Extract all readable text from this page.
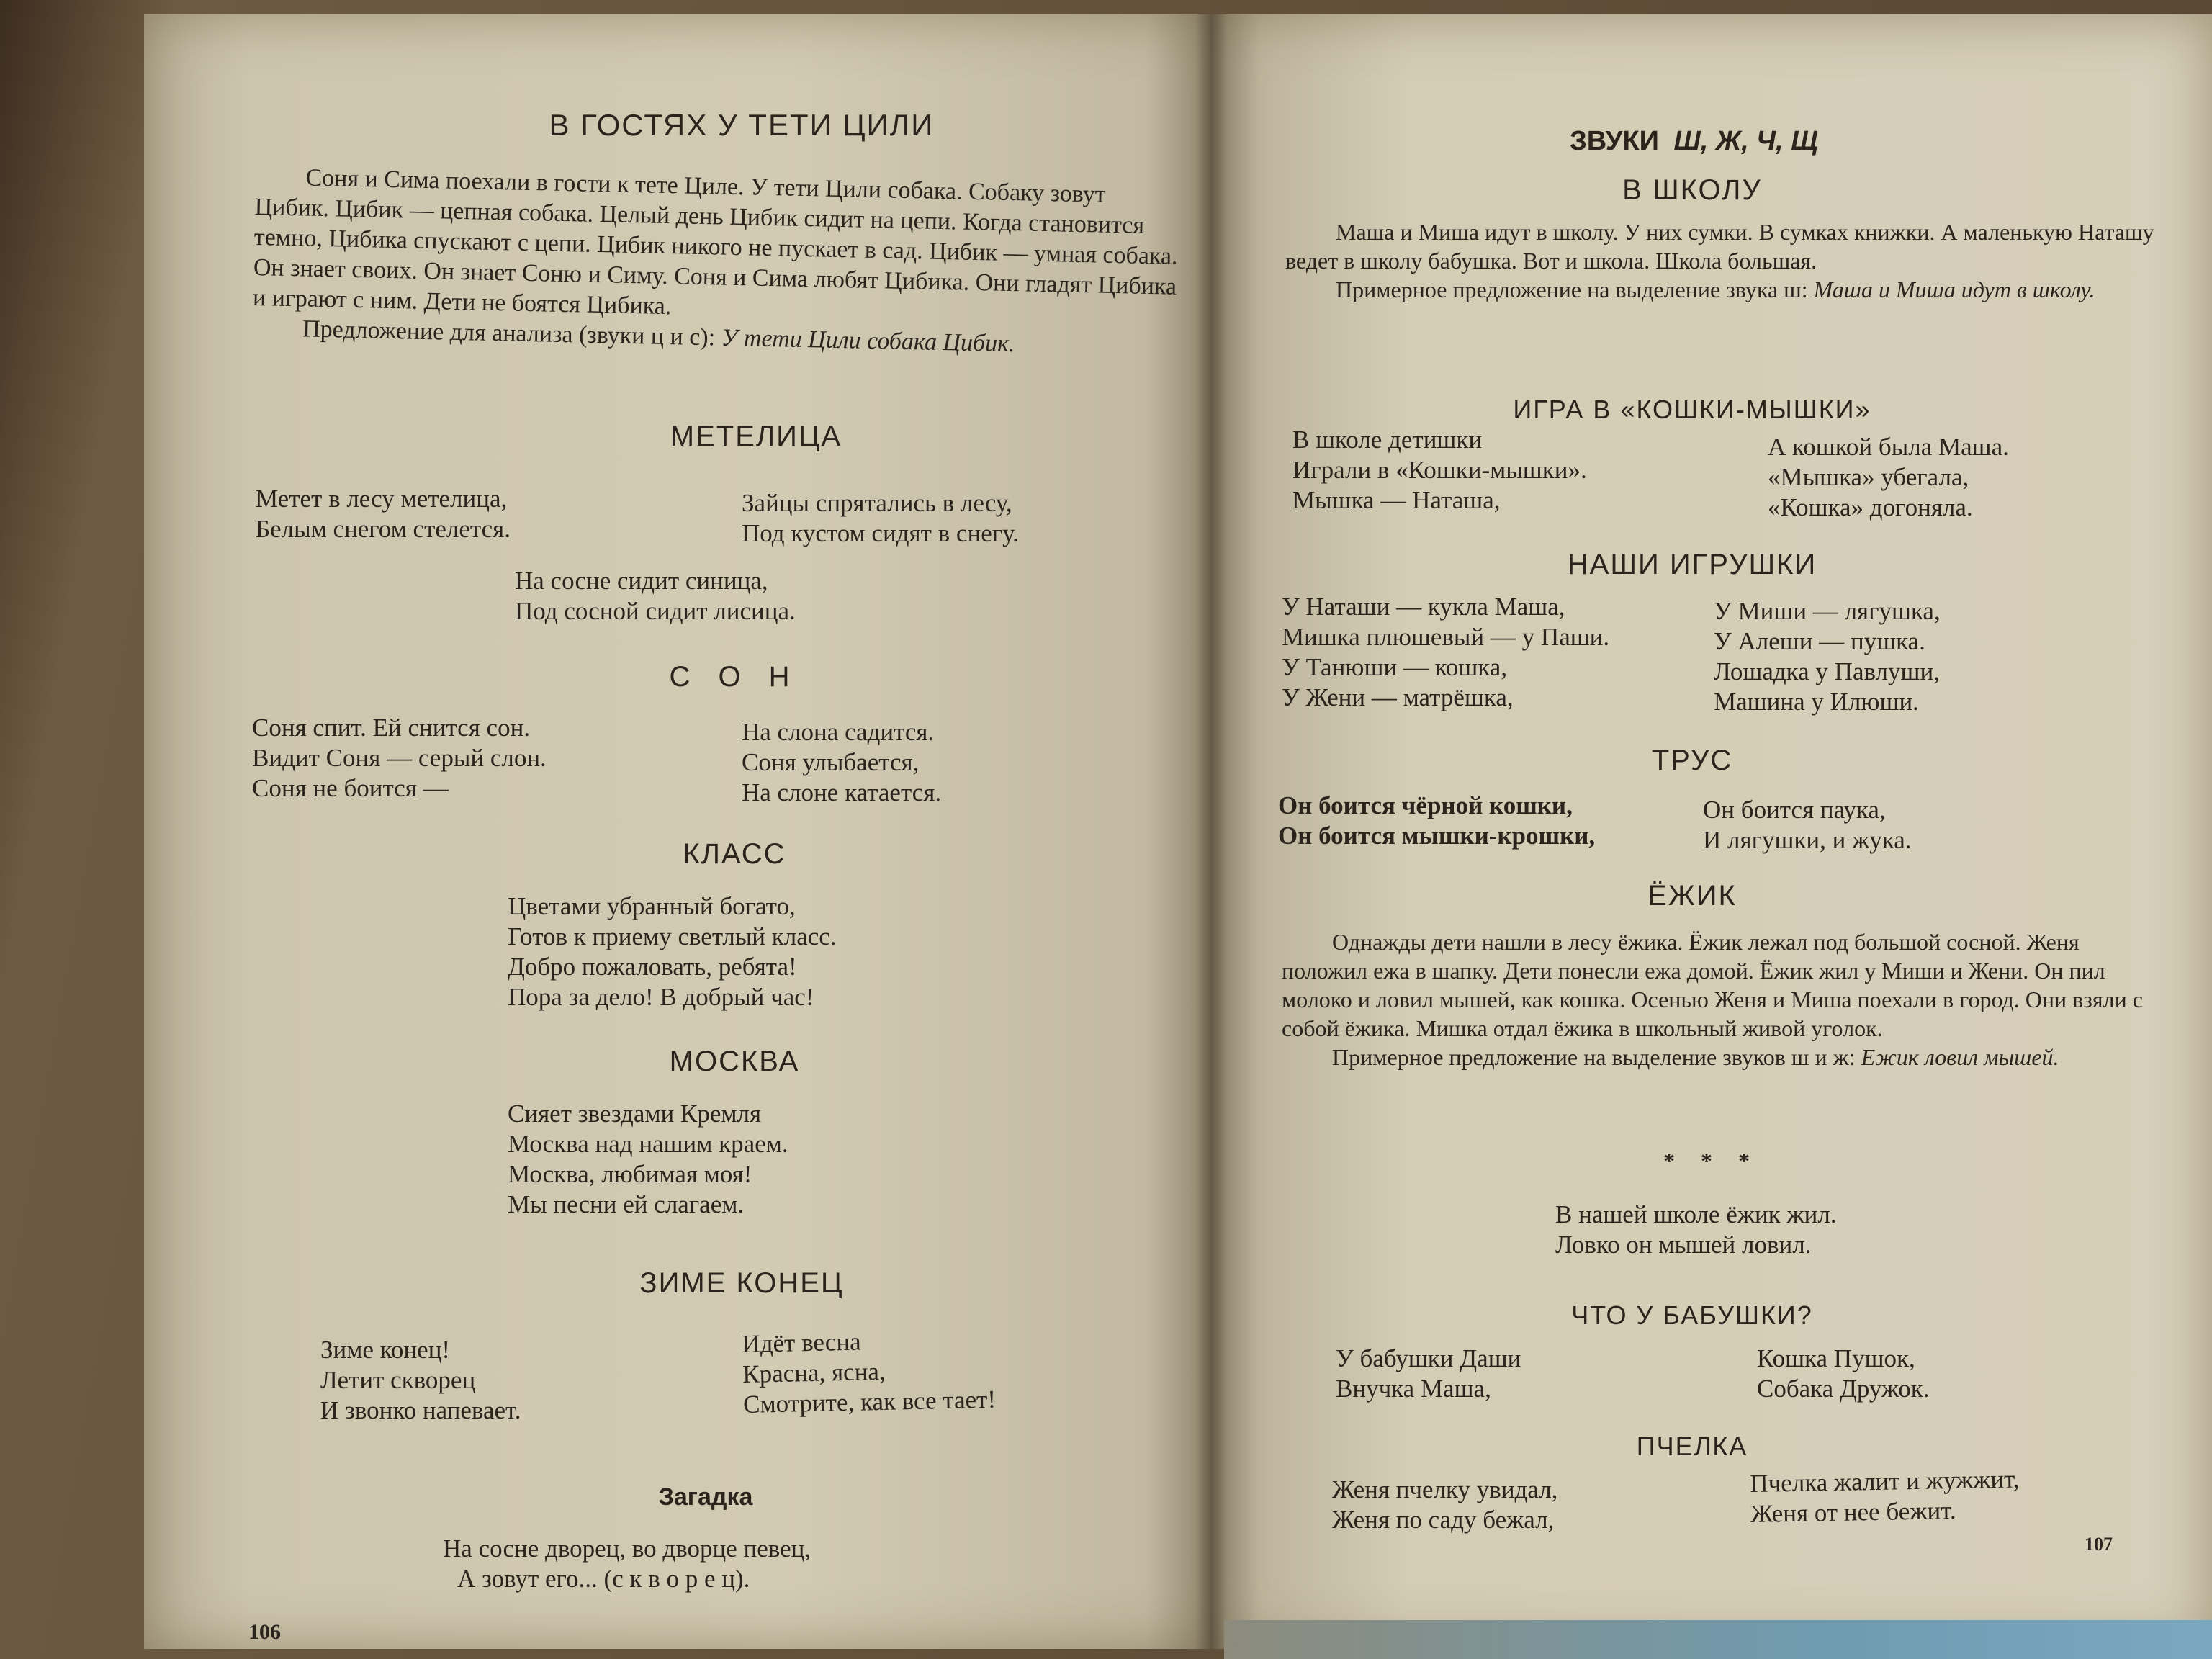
В ГОСТЯХ У ТЕТИ ЦИЛИ

Соня и Сима поехали в гости к тете Циле. У тети Цили собака. Собаку зовут Цибик. Цибик — цепная собака. Целый день Цибик сидит на цепи. Когда становится темно, Цибика спускают с цепи. Цибик никого не пускает в сад. Цибик — умная собака. Он знает своих. Он знает Соню и Симу. Соня и Сима любят Цибика. Они гладят Цибика и играют с ним. Дети не боятся Цибика.

Предложение для анализа (звуки ц и с): У тети Цили собака Цибик.

МЕТЕЛИЦА
Метет в лесу метелица,
Белым снегом стелется.
Зайцы спрятались в лесу,
Под кустом сидят в снегу.
На сосне сидит синица,
Под сосной сидит лисица.
С О Н
Соня спит. Ей снится сон.
Видит Соня — серый слон.
Соня не боится —
На слона садится.
Соня улыбается,
На слоне катается.
КЛАСС
Цветами убранный богато,
Готов к приему светлый класс.
Добро пожаловать, ребята!
Пора за дело! В добрый час!
МОСКВА
Сияет звездами Кремля
Москва над нашим краем.
Москва, любимая моя!
Мы песни ей слагаем.
ЗИМЕ КОНЕЦ
Зиме конец!
Летит скворец
И звонко напевает.
Идёт весна
Красна, ясна,
Смотрите, как все тает!
Загадка
На сосне дворец, во дворце певец,
А зовут его... (с к в о р е ц).
106
ЗВУКИ Ш, Ж, Ч, Щ
В ШКОЛУ

Маша и Миша идут в школу. У них сумки. В сумках книжки. А маленькую Наташу ведет в школу бабушка. Вот и школа. Школа большая.

Примерное предложение на выделение звука ш: Маша и Миша идут в школу.

ИГРА В «КОШКИ-МЫШКИ»
В школе детишки
Играли в «Кошки-мышки».
Мышка — Наташа,
А кошкой была Маша.
«Мышка» убегала,
«Кошка» догоняла.
НАШИ ИГРУШКИ
У Наташи — кукла Маша,
Мишка плюшевый — у Паши.
У Танюши — кошка,
У Жени — матрёшка,
У Миши — лягушка,
У Алеши — пушка.
Лошадка у Павлуши,
Машина у Илюши.
ТРУС
Он боится чёрной кошки,
Он боится мышки-крошки,
Он боится паука,
И лягушки, и жука.
ЁЖИК

Однажды дети нашли в лесу ёжика. Ёжик лежал под большой сосной. Женя положил ежа в шапку. Дети понесли ежа домой. Ёжик жил у Миши и Жени. Он пил молоко и ловил мышей, как кошка. Осенью Женя и Миша поехали в город. Они взяли с собой ёжика. Мишка отдал ёжика в школьный живой уголок.

Примерное предложение на выделение звуков ш и ж: Ежик ловил мышей.

* * *
В нашей школе ёжик жил.
Ловко он мышей ловил.
ЧТО У БАБУШКИ?
У бабушки Даши
Внучка Маша,
Кошка Пушок,
Собака Дружок.
ПЧЕЛКА
Женя пчелку увидал,
Женя по саду бежал,
Пчелка жалит и жужжит,
Женя от нее бежит.
107
